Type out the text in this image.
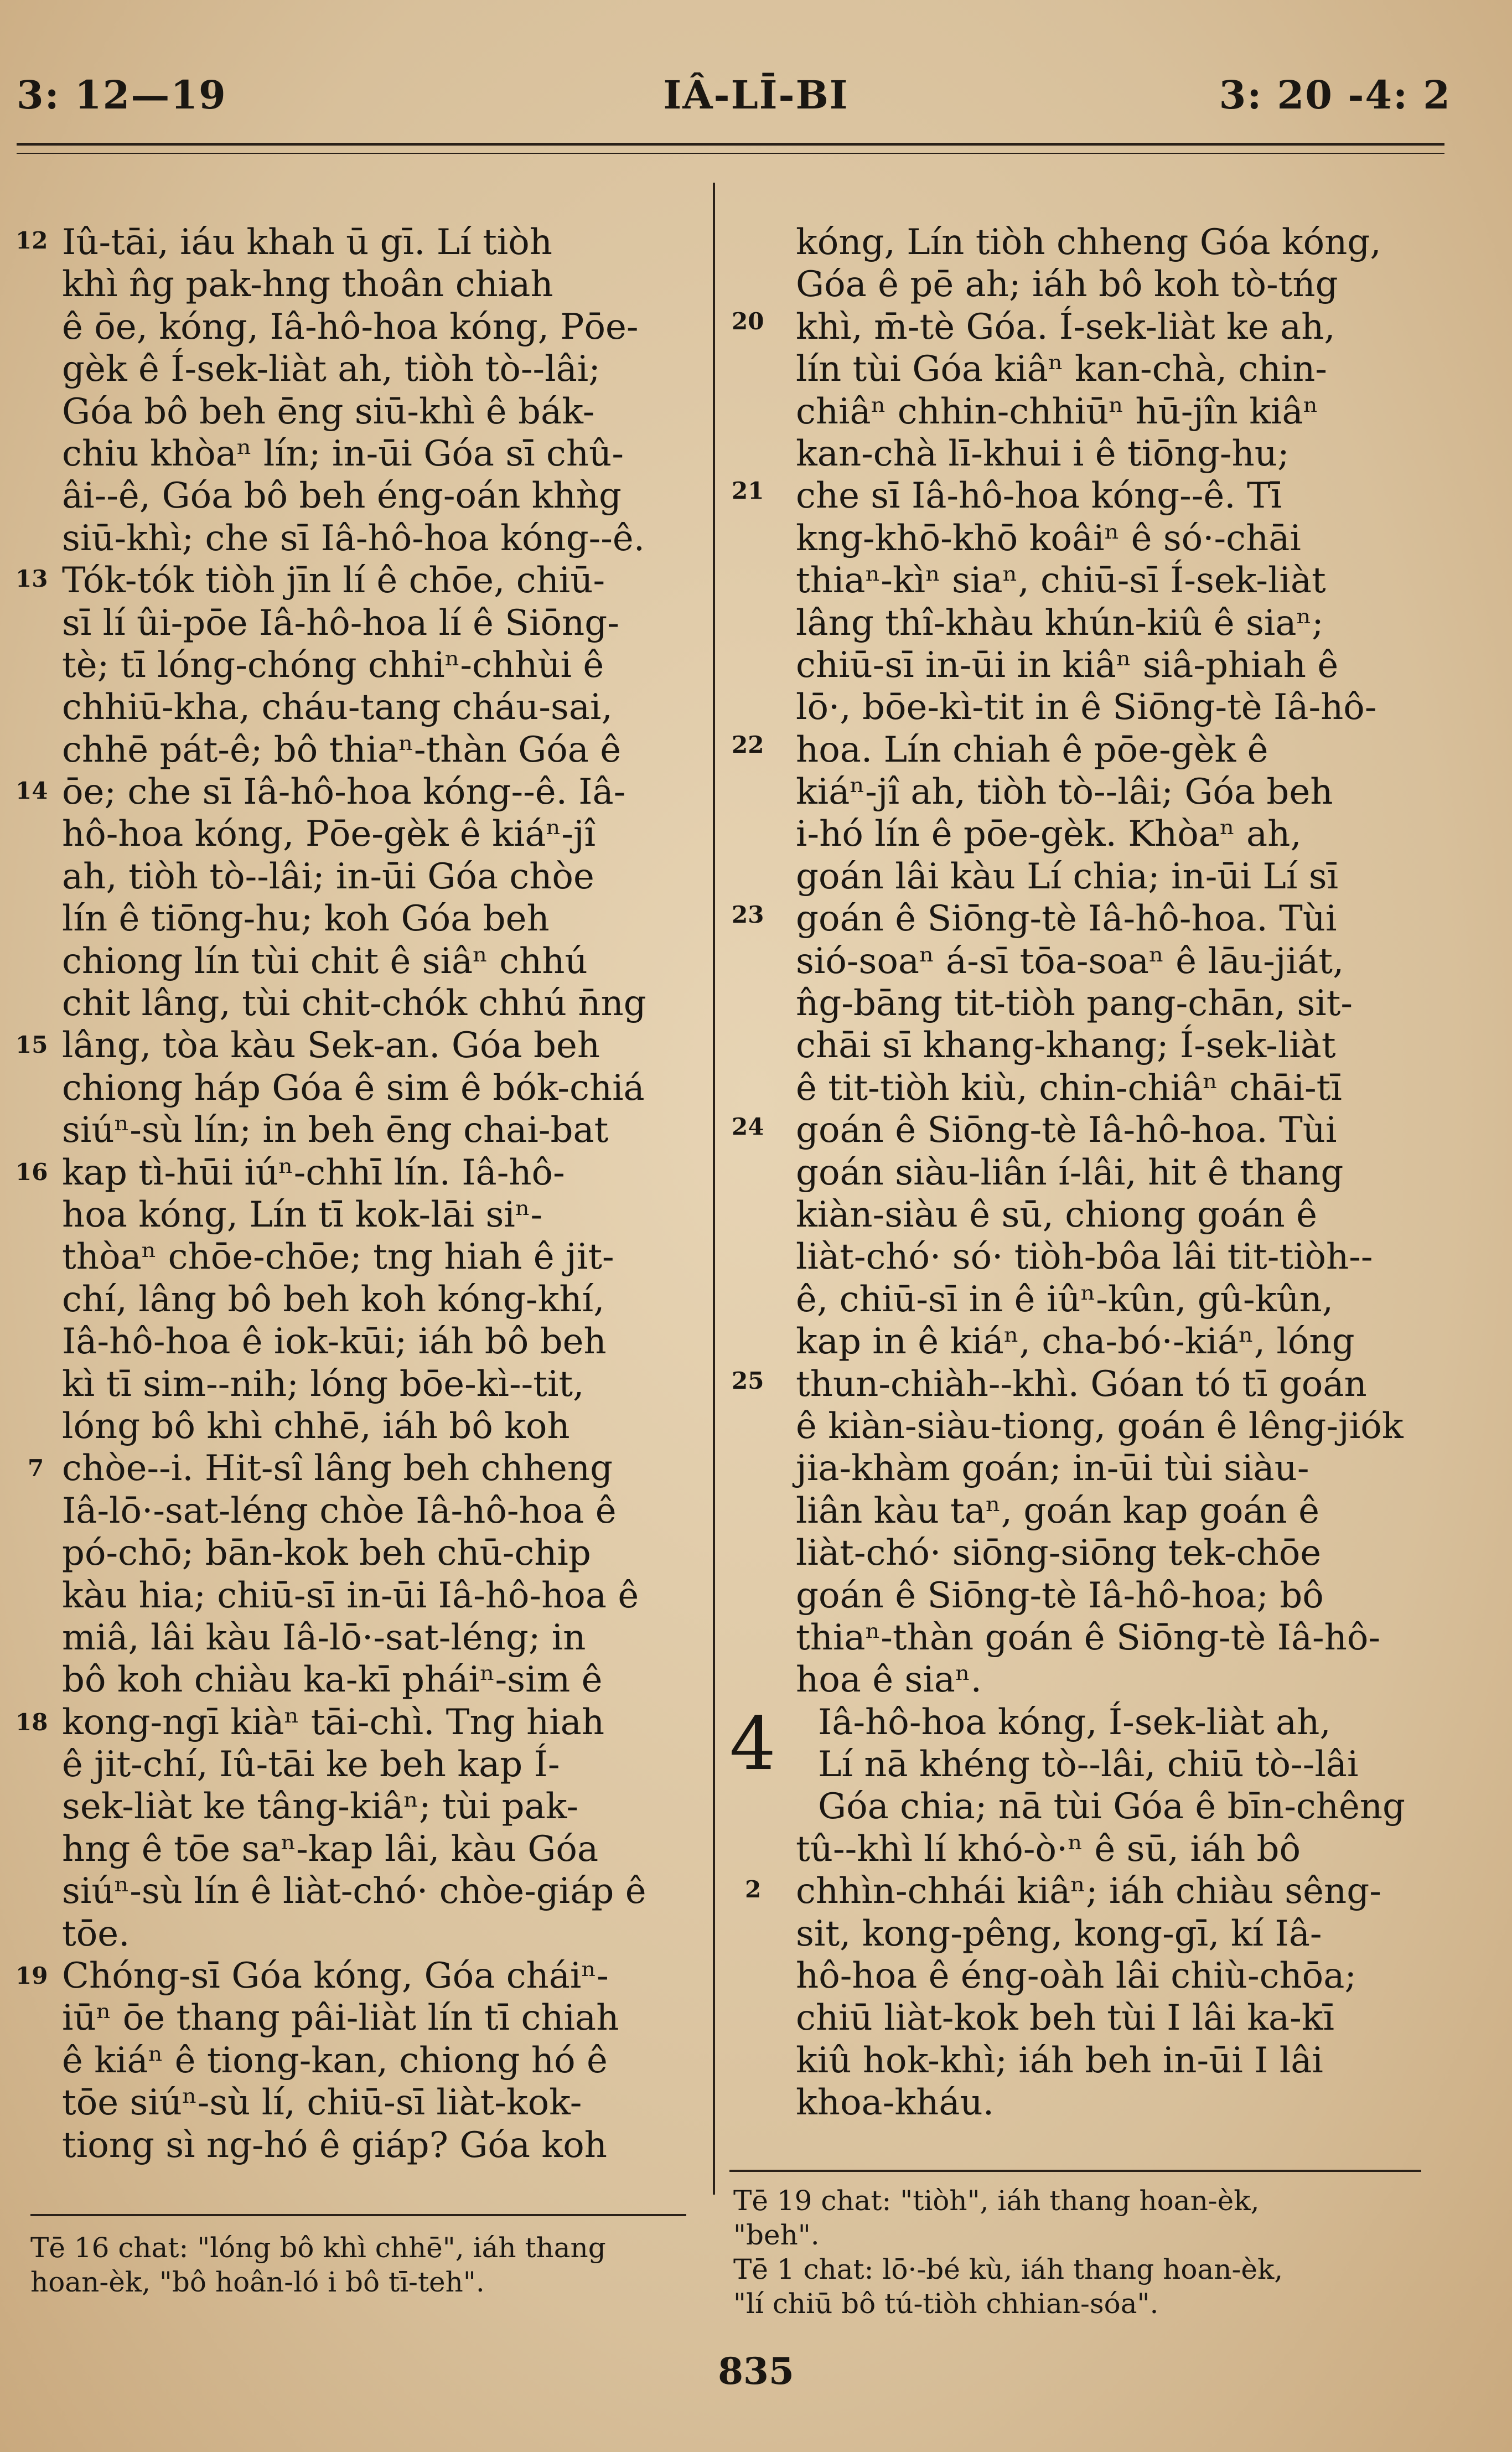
3: 12—19	IÂ-LĪ-BI	3: 20 -4: 2
12
13
14
15
16
7
18
19
20
21
22
23
24
25
4
2
Iû-tāi, iáu khah ū gī. Lí tiòh
khì n̂g pak-hng thoân chiah
ê ōe, kóng, Iâ-hô-hoa kóng, Pōe-
gèk ê Í-sek-liàt ah, tiòh tò--lâi;
Góa bô beh ēng siū-khì ê bák-
chiu khòaⁿ lín; in-ūi Góa sī chû-
âi--ê, Góa bô beh éng-oán khǹg
siū-khì; che sī Iâ-hô-hoa kóng--ê.
Tók-tók tiòh jīn lí ê chōe, chiū-
sī lí ûi-pōe Iâ-hô-hoa lí ê Siōng-
tè; tī lóng-chóng chhiⁿ-chhùi ê
chhiū-kha, cháu-tang cháu-sai,
chhē pát-ê; bô thiaⁿ-thàn Góa ê
ōe; che sī Iâ-hô-hoa kóng--ê. Iâ-
hô-hoa kóng, Pōe-gèk ê kiáⁿ-jî
ah, tiòh tò--lâi; in-ūi Góa chòe
lín ê tiōng-hu; koh Góa beh
chiong lín tùi chit ê siâⁿ chhú
chit lâng, tùi chit-chók chhú n̄ng
lâng, tòa kàu Sek-an. Góa beh
chiong háp Góa ê sim ê bók-chiá
siúⁿ-sù lín; in beh ēng chai-bat
kap tì-hūi iúⁿ-chhī lín. Iâ-hô-
hoa kóng, Lín tī kok-lāi siⁿ-
thòaⁿ chōe-chōe; tng hiah ê jit-
chí, lâng bô beh koh kóng-khí,
Iâ-hô-hoa ê iok-kūi; iáh bô beh
kì tī sim--nih; lóng bōe-kì--tit,
lóng bô khì chhē, iáh bô koh
chòe--i. Hit-sî lâng beh chheng
Iâ-lō·-sat-léng chòe Iâ-hô-hoa ê
pó-chō; bān-kok beh chū-chip
kàu hia; chiū-sī in-ūi Iâ-hô-hoa ê
miâ, lâi kàu Iâ-lō·-sat-léng; in
bô koh chiàu ka-kī pháiⁿ-sim ê
kong-ngī kiàⁿ tāi-chì. Tng hiah
ê jit-chí, Iû-tāi ke beh kap Í-
sek-liàt ke tâng-kiâⁿ; tùi pak-
hng ê tōe saⁿ-kap lâi, kàu Góa
siúⁿ-sù lín ê liàt-chó· chòe-giáp ê
tōe.
Chóng-sī Góa kóng, Góa cháiⁿ-
iūⁿ ōe thang pâi-liàt lín tī chiah
ê kiáⁿ ê tiong-kan, chiong hó ê
tōe siúⁿ-sù lí, chiū-sī liàt-kok-
tiong sì ng-hó ê giáp? Góa koh
kóng, Lín tiòh chheng Góa kóng,
Góa ê pē ah; iáh bô koh tò-tńg
khì, m̄-tè Góa. Í-sek-liàt ke ah,
lín tùi Góa kiâⁿ kan-chà, chin-
chiâⁿ chhin-chhiūⁿ hū-jîn kiâⁿ
kan-chà lī-khui i ê tiōng-hu;
che sī Iâ-hô-hoa kóng--ê. Tī
kng-khō-khō koâiⁿ ê só·-chāi
thiaⁿ-kìⁿ siaⁿ, chiū-sī Í-sek-liàt
lâng thî-khàu khún-kiû ê siaⁿ;
chiū-sī in-ūi in kiâⁿ siâ-phiah ê
lō·, bōe-kì-tit in ê Siōng-tè Iâ-hô-
hoa. Lín chiah ê pōe-gèk ê
kiáⁿ-jî ah, tiòh tò--lâi; Góa beh
i-hó lín ê pōe-gèk. Khòaⁿ ah,
goán lâi kàu Lí chia; in-ūi Lí sī
goán ê Siōng-tè Iâ-hô-hoa. Tùi
sió-soaⁿ á-sī tōa-soaⁿ ê lāu-jiát,
n̂g-bāng tit-tiòh pang-chān, sit-
chāi sī khang-khang; Í-sek-liàt
ê tit-tiòh kiù, chin-chiâⁿ chāi-tī
goán ê Siōng-tè Iâ-hô-hoa. Tùi
goán siàu-liân í-lâi, hit ê thang
kiàn-siàu ê sū, chiong goán ê
liàt-chó· só· tiòh-bôa lâi tit-tiòh--
ê, chiū-sī in ê iûⁿ-kûn, gû-kûn,
kap in ê kiáⁿ, cha-bó·-kiáⁿ, lóng
thun-chiàh--khì. Góan tó tī goán
ê kiàn-siàu-tiong, goán ê lêng-jiók
jia-khàm goán; in-ūi tùi siàu-
liân kàu taⁿ, goán kap goán ê
liàt-chó· siōng-siōng tek-chōe
goán ê Siōng-tè Iâ-hô-hoa; bô
thiaⁿ-thàn goán ê Siōng-tè Iâ-hô-
hoa ê siaⁿ.
Iâ-hô-hoa kóng, Í-sek-liàt ah,
Lí nā khéng tò--lâi, chiū tò--lâi
Góa chia; nā tùi Góa ê bīn-chêng
tû--khì lí khó-ò·ⁿ ê sū, iáh bô
chhìn-chhái kiâⁿ; iáh chiàu sêng-
sit, kong-pêng, kong-gī, kí Iâ-
hô-hoa ê éng-oàh lâi chiù-chōa;
chiū liàt-kok beh tùi I lâi ka-kī
kiû hok-khì; iáh beh in-ūi I lâi
khoa-kháu.
Tē 16 chat: "lóng bô khì chhē", iáh thang
hoan-èk, "bô hoân-ló i bô tī-teh".
Tē 19 chat: "tiòh", iáh thang hoan-èk,
"beh".
Tē 1 chat: lō·-bé kù, iáh thang hoan-èk,
"lí chiū bô tú-tiòh chhian-sóa".
835
